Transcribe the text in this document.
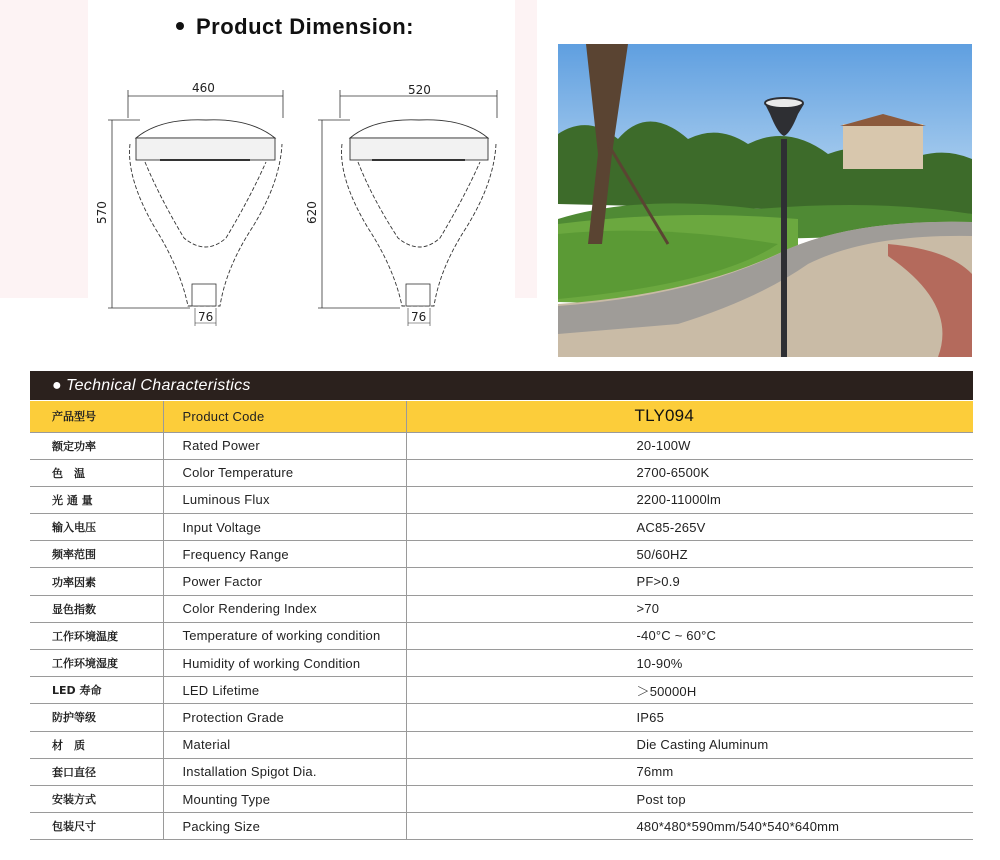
Product Dimension:
460
570
76
520
620
76
● Technical Characteristics
产品型号	Product Code	TLY094
额定功率	Rated Power	20-100W
色　温	Color Temperature	2700-6500K
光 通 量	Luminous Flux	2200-11000lm
输入电压	Input Voltage	AC85-265V
频率范围	Frequency Range	50/60HZ
功率因素	Power Factor	PF>0.9
显色指数	Color Rendering Index	>70
工作环境温度	Temperature of working condition	-40°C ~ 60°C
工作环境湿度	Humidity of working Condition	10-90%
LED 寿命	LED Lifetime	＞50000H
防护等级	Protection Grade	IP65
材　质	Material	Die Casting Aluminum
套口直径	Installation Spigot Dia.	76mm
安装方式	Mounting Type	Post top
包装尺寸	Packing Size	480*480*590mm/540*540*640mm
